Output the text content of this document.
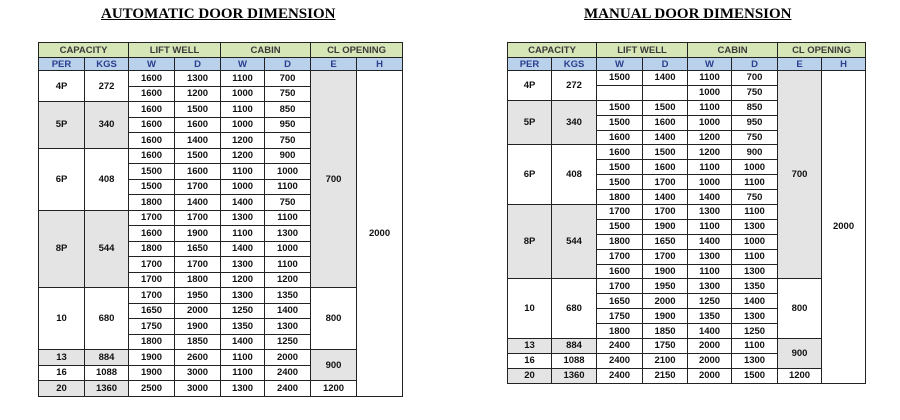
AUTOMATIC DOOR DIMENSION	MANUAL DOOR DIMENSION
CAPACITY		LIFT WELL		CABIN		CL OPENING	
PER	KGS	W	D	W	D	E	H
4P	272	1600	1300	1100	700	700	2000
		1600	1200	1000	750		
5P	340	1600	1500	1100	850		
		1600	1600	1000	950		
		1600	1400	1200	750		
6P	408	1600	1500	1200	900		
		1500	1600	1100	1000		
		1500	1700	1000	1100		
		1800	1400	1400	750		
8P	544	1700	1700	1300	1100		
		1600	1900	1100	1300		
		1800	1650	1400	1000		
		1700	1700	1300	1100		
		1700	1800	1200	1200		
10	680	1700	1950	1300	1350	800	
		1650	2000	1250	1400		
		1750	1900	1350	1300		
		1800	1850	1400	1250		
13	884	1900	2600	1100	2000	900	
16	1088	1900	3000	1100	2400		
20	1360	2500	3000	1300	2400	1200	
CAPACITY		LIFT WELL		CABIN		CL OPENING	
PER	KGS	W	D	W	D	E	H
4P	272	1500	1400	1100	700	700	2000
				1000	750		
5P	340	1500	1500	1100	850		
		1500	1600	1000	950		
		1600	1400	1200	750		
6P	408	1600	1500	1200	900		
		1500	1600	1100	1000		
		1500	1700	1000	1100		
		1800	1400	1400	750		
8P	544	1700	1700	1300	1100		
		1500	1900	1100	1300		
		1800	1650	1400	1000		
		1700	1700	1300	1100		
		1600	1900	1100	1300		
10	680	1700	1950	1300	1350	800	
		1650	2000	1250	1400		
		1750	1900	1350	1300		
		1800	1850	1400	1250		
13	884	2400	1750	2000	1100	900	
16	1088	2400	2100	2000	1300		
20	1360	2400	2150	2000	1500	1200	
